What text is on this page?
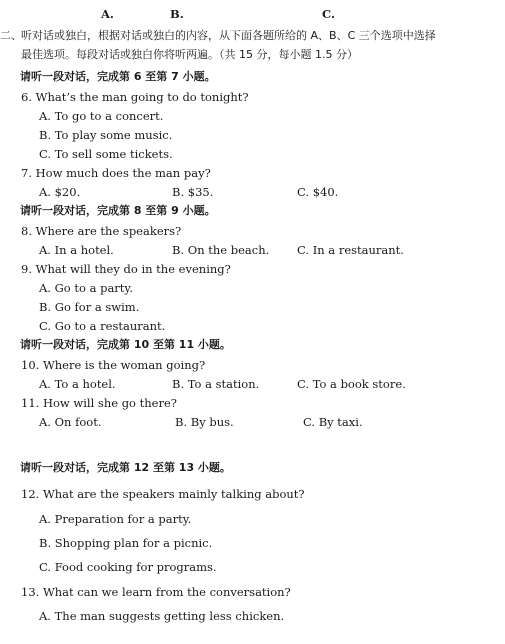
A.	B.	C.
二、 听对话或独白，根据对话或独白的内容，从下面各题所给的 A、B、C 三个选项中选择
最佳选项。每段对话或独白你将听两遍。（共 15 分，每小题 1.5 分）
请听一段对话，完成第 6 至第 7 小题。
6. What’s the man going to do tonight?
A. To go to a concert.
B. To play some music.
C. To sell some tickets.
7. How much does the man pay?
A. $20.	B. $35.	C. $40.
请听一段对话，完成第 8 至第 9 小题。
8. Where are the speakers?
A. In a hotel.	B. On the beach. C. In a restaurant.
9. What will they do in the evening?
A. Go to a party.
B. Go for a swim.
C. Go to a restaurant.
请听一段对话，完成第 10 至第 11 小题。
10. Where is the woman going?
A. To a hotel.	B. To a station.	C. To a book store.
11. How will she go there?
A. On foot.	B. By bus.	C. By taxi.
请听一段对话，完成第 12 至第 13 小题。
12. What are the speakers mainly talking about?
A. Preparation for a party.
B. Shopping plan for a picnic.
C. Food cooking for programs.
13. What can we learn from the conversation?
A. The man suggests getting less chicken.
